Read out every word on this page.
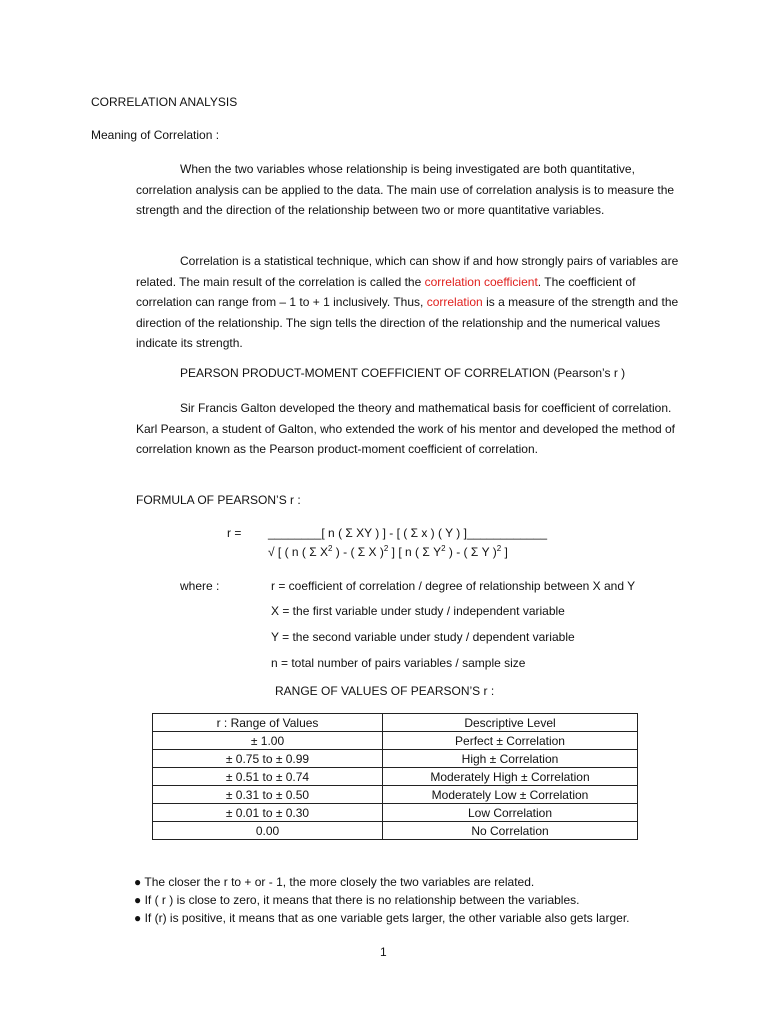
CORRELATION ANALYSIS
Meaning of Correlation :
When the two variables whose relationship is being investigated are both quantitative, correlation analysis can be applied to the data. The main use of correlation analysis is to measure the strength and the direction of the relationship between two or more quantitative variables.
Correlation is a statistical technique, which can show if and how strongly pairs of variables are related. The main result of the correlation is called the correlation coefficient. The coefficient of correlation can range from – 1 to + 1 inclusively. Thus, correlation is a measure of the strength and the direction of the relationship. The sign tells the direction of the relationship and the numerical values indicate its strength.
PEARSON PRODUCT-MOMENT COEFFICIENT OF CORRELATION (Pearson’s r )
Sir Francis Galton developed the theory and mathematical basis for coefficient of correlation. Karl Pearson, a student of Galton, who extended the work of his mentor and developed the method of correlation known as the Pearson product-moment coefficient of correlation.
FORMULA OF PEARSON’S r :
r = ________[ n ( Σ XY ) ] - [ ( Σ x ) ( Y ) ]____________
√ [ ( n ( Σ $X^2$ ) - ( Σ X )$^2$ ] [ n ( Σ $Y^2$ ) - ( Σ Y )$^2$ ]
where :	r = coefficient of correlation / degree of relationship between X and Y
X = the first variable under study / independent variable
Y = the second variable under study / dependent variable
n = total number of pairs variables / sample size
RANGE OF VALUES OF PEARSON’S r :
r : Range of Values	Descriptive Level
± 1.00	Perfect ± Correlation
± 0.75 to ± 0.99	High ± Correlation
± 0.51 to ± 0.74	Moderately High ± Correlation
± 0.31 to ± 0.50	Moderately Low ± Correlation
± 0.01 to ± 0.30	Low Correlation
0.00	No Correlation
● The closer the r to + or - 1, the more closely the two variables are related.
● If ( r ) is close to zero, it means that there is no relationship between the variables.
● If (r) is positive, it means that as one variable gets larger, the other variable also gets larger.
1
